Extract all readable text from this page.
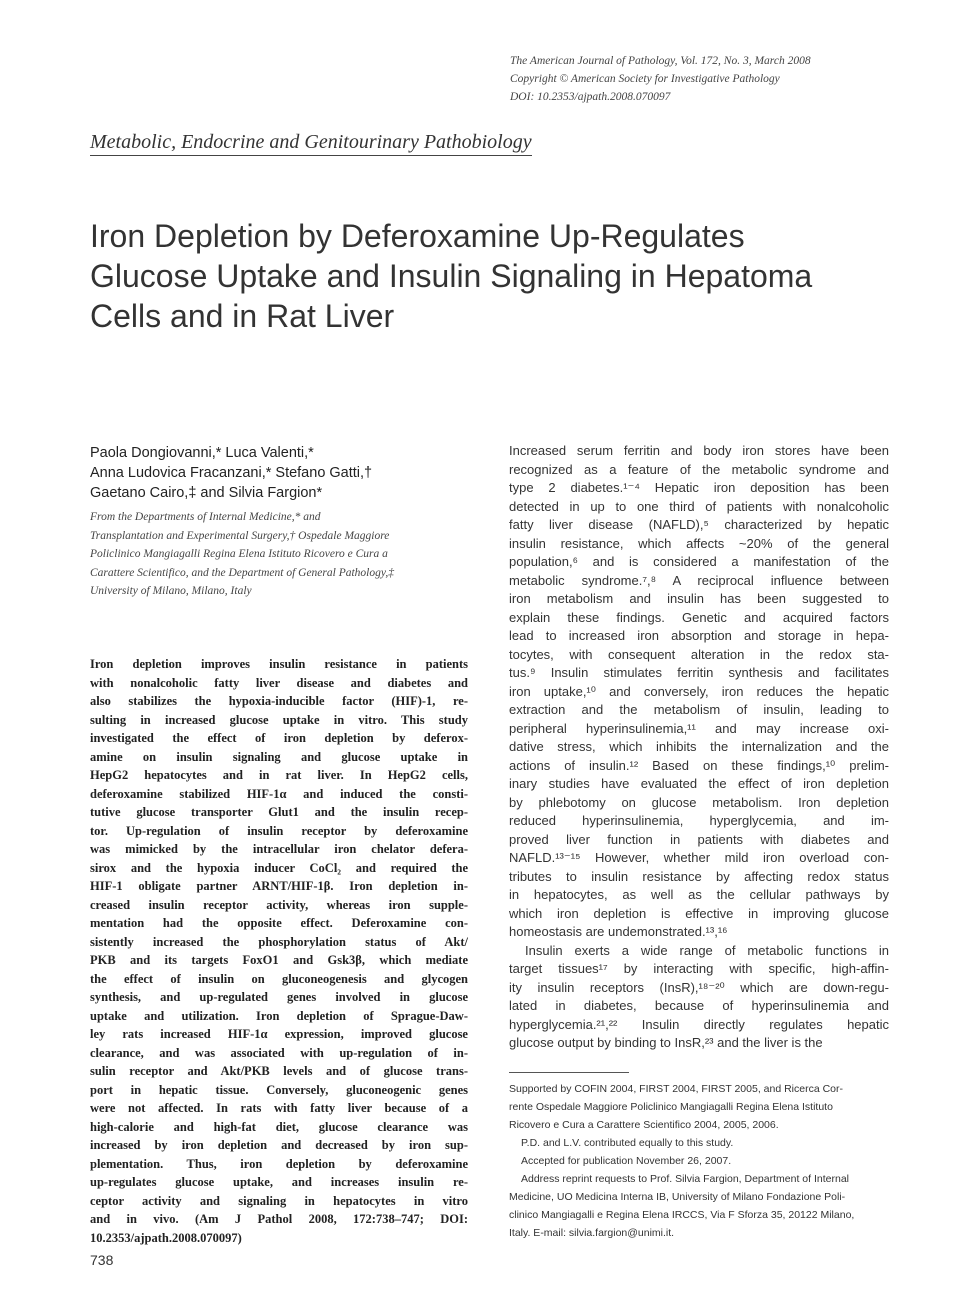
The American Journal of Pathology, Vol. 172, No. 3, March 2008
Copyright © American Society for Investigative Pathology
DOI: 10.2353/ajpath.2008.070097
Metabolic, Endocrine and Genitourinary Pathobiology
Iron Depletion by Deferoxamine Up-Regulates
Glucose Uptake and Insulin Signaling in Hepatoma
Cells and in Rat Liver
Paola Dongiovanni,* Luca Valenti,*
Anna Ludovica Fracanzani,* Stefano Gatti,†
Gaetano Cairo,‡ and Silvia Fargion*
From the Departments of Internal Medicine,* and
Transplantation and Experimental Surgery,† Ospedale Maggiore
Policlinico Mangiagalli Regina Elena Istituto Ricovero e Cura a
Carattere Scientifico, and the Department of General Pathology,‡
University of Milano, Milano, Italy
Iron depletion improves insulin resistance in patients
with nonalcoholic fatty liver disease and diabetes and
also stabilizes the hypoxia-inducible factor (HIF)-1, re-
sulting in increased glucose uptake in vitro. This study
investigated the effect of iron depletion by deferox-
amine on insulin signaling and glucose uptake in
HepG2 hepatocytes and in rat liver. In HepG2 cells,
deferoxamine stabilized HIF-1α and induced the consti-
tutive glucose transporter Glut1 and the insulin recep-
tor. Up-regulation of insulin receptor by deferoxamine
was mimicked by the intracellular iron chelator defera-
sirox and the hypoxia inducer CoCl₂ and required the
HIF-1 obligate partner ARNT/HIF-1β. Iron depletion in-
creased insulin receptor activity, whereas iron supple-
mentation had the opposite effect. Deferoxamine con-
sistently increased the phosphorylation status of Akt/
PKB and its targets FoxO1 and Gsk3β, which mediate
the effect of insulin on gluconeogenesis and glycogen
synthesis, and up-regulated genes involved in glucose
uptake and utilization. Iron depletion of Sprague-Daw-
ley rats increased HIF-1α expression, improved glucose
clearance, and was associated with up-regulation of in-
sulin receptor and Akt/PKB levels and of glucose trans-
port in hepatic tissue. Conversely, gluconeogenic genes
were not affected. In rats with fatty liver because of a
high-calorie and high-fat diet, glucose clearance was
increased by iron depletion and decreased by iron sup-
plementation. Thus, iron depletion by deferoxamine
up-regulates glucose uptake, and increases insulin re-
ceptor activity and signaling in hepatocytes in vitro
and in vivo. (Am J Pathol 2008, 172:738–747; DOI:
10.2353/ajpath.2008.070097)
Increased serum ferritin and body iron stores have been
recognized as a feature of the metabolic syndrome and
type 2 diabetes.¹⁻⁴ Hepatic iron deposition has been
detected in up to one third of patients with nonalcoholic
fatty liver disease (NAFLD),⁵ characterized by hepatic
insulin resistance, which affects ~20% of the general
population,⁶ and is considered a manifestation of the
metabolic syndrome.⁷,⁸ A reciprocal influence between
iron metabolism and insulin has been suggested to
explain these findings. Genetic and acquired factors
lead to increased iron absorption and storage in hepa-
tocytes, with consequent alteration in the redox sta-
tus.⁹ Insulin stimulates ferritin synthesis and facilitates
iron uptake,¹⁰ and conversely, iron reduces the hepatic
extraction and the metabolism of insulin, leading to
peripheral hyperinsulinemia,¹¹ and may increase oxi-
dative stress, which inhibits the internalization and the
actions of insulin.¹² Based on these findings,¹⁰ prelim-
inary studies have evaluated the effect of iron depletion
by phlebotomy on glucose metabolism. Iron depletion
reduced hyperinsulinemia, hyperglycemia, and im-
proved liver function in patients with diabetes and
NAFLD.¹³⁻¹⁵ However, whether mild iron overload con-
tributes to insulin resistance by affecting redox status
in hepatocytes, as well as the cellular pathways by
which iron depletion is effective in improving glucose
homeostasis are undemonstrated.¹³,¹⁶
Insulin exerts a wide range of metabolic functions in
target tissues¹⁷ by interacting with specific, high-affin-
ity insulin receptors (InsR),¹⁸⁻²⁰ which are down-regu-
lated in diabetes, because of hyperinsulinemia and
hyperglycemia.²¹,²² Insulin directly regulates hepatic
glucose output by binding to InsR,²³ and the liver is the
Supported by COFIN 2004, FIRST 2004, FIRST 2005, and Ricerca Cor-
rente Ospedale Maggiore Policlinico Mangiagalli Regina Elena Istituto
Ricovero e Cura a Carattere Scientifico 2004, 2005, 2006.
P.D. and L.V. contributed equally to this study.
Accepted for publication November 26, 2007.
Address reprint requests to Prof. Silvia Fargion, Department of Internal
Medicine, UO Medicina Interna IB, University of Milano Fondazione Poli-
clinico Mangiagalli e Regina Elena IRCCS, Via F Sforza 35, 20122 Milano,
Italy. E-mail: silvia.fargion@unimi.it.
738
